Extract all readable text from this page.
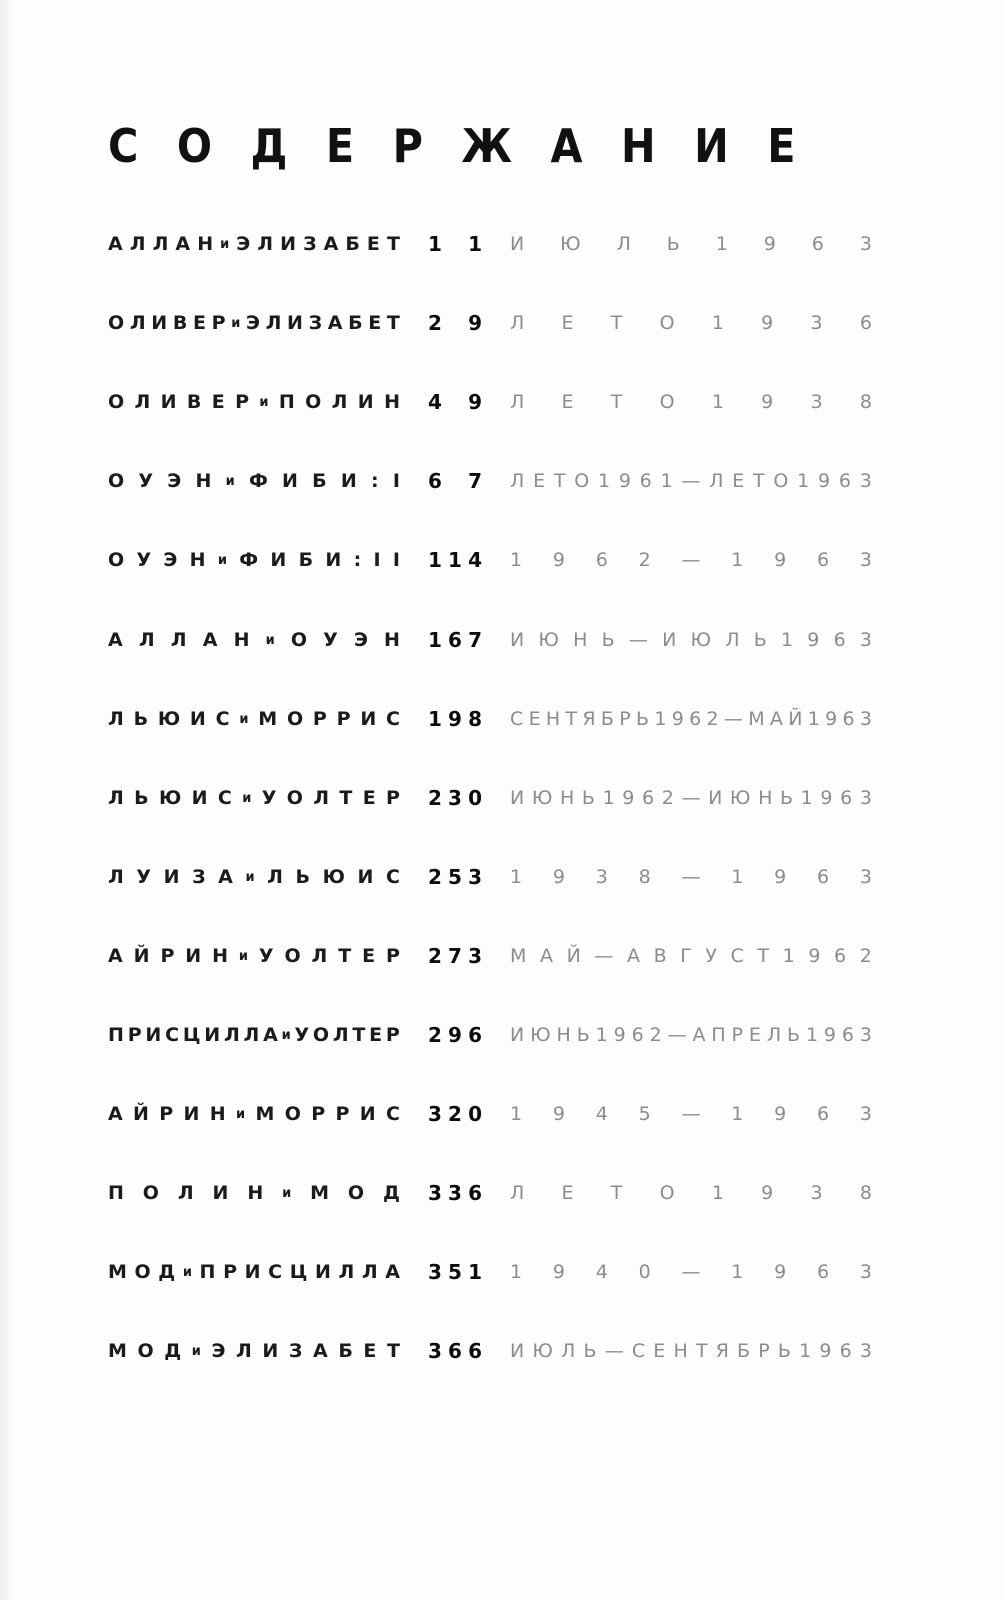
С О Д Е Р Ж А Н И Е
А Л Л А Н и Э Л И З А Б Е Т 1 1 И Ю Л Ь 1 9 6 3
О Л И В Е Р и Э Л И З А Б Е Т 2 9 Л Е Т О 1 9 3 6
О Л И В Е Р и П О Л И Н 4 9 Л Е Т О 1 9 3 8
О У Э Н и Ф И Б И : I 6 7 Л Е Т О 1 9 6 1 — Л Е Т О 1 9 6 3
О У Э Н и Ф И Б И : I I 1 1 4 1 9 6 2 — 1 9 6 3
А Л Л А Н и О У Э Н 1 6 7 И Ю Н Ь — И Ю Л Ь 1 9 6 3
Л Ь Ю И С и М О Р Р И С 1 9 8 С Е Н Т Я Б Р Ь 1 9 6 2 — М А Й 1 9 6 3
Л Ь Ю И С и У О Л Т Е Р 2 3 0 И Ю Н Ь 1 9 6 2 — И Ю Н Ь 1 9 6 3
Л У И З А и Л Ь Ю И С 2 5 3 1 9 3 8 — 1 9 6 3
А Й Р И Н и У О Л Т Е Р 2 7 3 М А Й — А В Г У С Т 1 9 6 2
П Р И С Ц И Л Л А и У О Л Т Е Р 2 9 6 И Ю Н Ь 1 9 6 2 — А П Р Е Л Ь 1 9 6 3
А Й Р И Н и М О Р Р И С 3 2 0 1 9 4 5 — 1 9 6 3
П О Л И Н и М О Д 3 3 6 Л Е Т О 1 9 3 8
М О Д и П Р И С Ц И Л Л А 3 5 1 1 9 4 0 — 1 9 6 3
М О Д и Э Л И З А Б Е Т 3 6 6 И Ю Л Ь — С Е Н Т Я Б Р Ь 1 9 6 3
